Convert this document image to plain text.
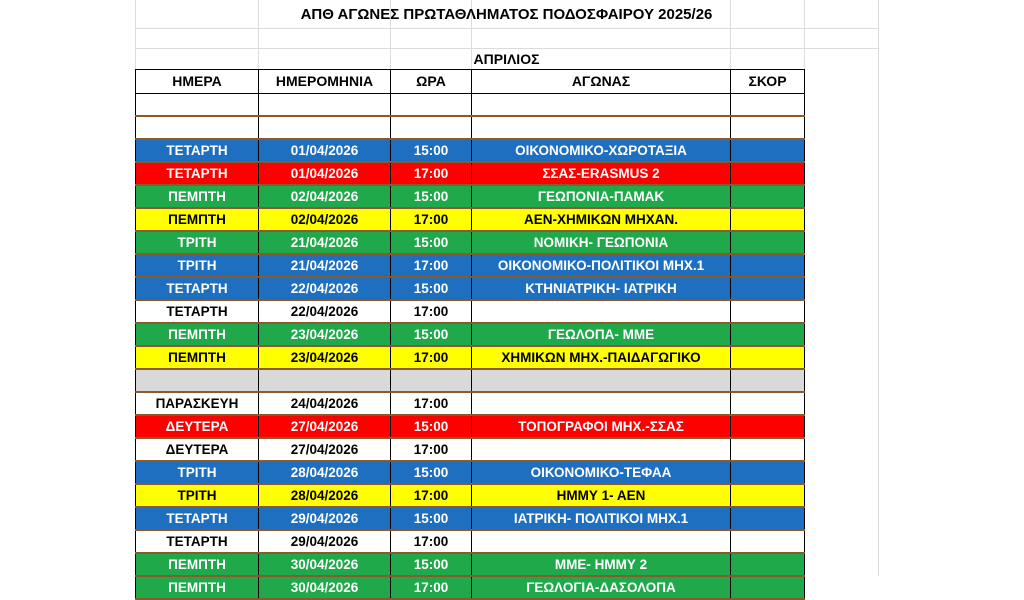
ΑΠΘ ΑΓΩΝΕΣ ΠΡΩΤΑΘΛΗΜΑΤΟΣ ΠΟΔΟΣΦΑΙΡΟΥ 2025/26
ΑΠΡΙΛΙΟΣ
ΗΜΕΡΑ	ΗΜΕΡΟΜΗΝΙΑ	ΩΡΑ	ΑΓΩΝΑΣ	ΣΚΟΡ

ΤΕΤΑΡΤΗ	01/04/2026	15:00	ΟΙΚΟΝΟΜΙΚΟ-ΧΩΡΟΤΑΞΙΑ	
ΤΕΤΑΡΤΗ	01/04/2026	17:00	ΣΣΑΣ-ERASMUS 2	
ΠΕΜΠΤΗ	02/04/2026	15:00	ΓΕΩΠΟΝΙΑ-ΠΑΜΑΚ	
ΠΕΜΠΤΗ	02/04/2026	17:00	ΑΕΝ-ΧΗΜΙΚΩΝ ΜΗΧΑΝ.	
ΤΡΙΤΗ	21/04/2026	15:00	ΝΟΜΙΚΗ- ΓΕΩΠΟΝΙΑ	
ΤΡΙΤΗ	21/04/2026	17:00	ΟΙΚΟΝΟΜΙΚΟ-ΠΟΛΙΤΙΚΟΙ ΜΗΧ.1	
ΤΕΤΑΡΤΗ	22/04/2026	15:00	ΚΤΗΝΙΑΤΡΙΚΗ- ΙΑΤΡΙΚΗ	
ΤΕΤΑΡΤΗ	22/04/2026	17:00		
ΠΕΜΠΤΗ	23/04/2026	15:00	ΓΕΩΛΟΠΑ- ΜΜΕ	
ΠΕΜΠΤΗ	23/04/2026	17:00	ΧΗΜΙΚΩΝ ΜΗΧ.-ΠΑΙΔΑΓΩΓΙΚΟ	

ΠΑΡΑΣΚΕΥΗ	24/04/2026	17:00		
ΔΕΥΤΕΡΑ	27/04/2026	15:00	ΤΟΠΟΓΡΑΦΟΙ ΜΗΧ.-ΣΣΑΣ	
ΔΕΥΤΕΡΑ	27/04/2026	17:00		
ΤΡΙΤΗ	28/04/2026	15:00	ΟΙΚΟΝΟΜΙΚΟ-ΤΕΦΑΑ	
ΤΡΙΤΗ	28/04/2026	17:00	ΗΜΜΥ 1- ΑΕΝ	
ΤΕΤΑΡΤΗ	29/04/2026	15:00	ΙΑΤΡΙΚΗ- ΠΟΛΙΤΙΚΟΙ ΜΗΧ.1	
ΤΕΤΑΡΤΗ	29/04/2026	17:00		
ΠΕΜΠΤΗ	30/04/2026	15:00	ΜΜΕ- ΗΜΜΥ 2	
ΠΕΜΠΤΗ	30/04/2026	17:00	ΓΕΩΛΟΓΙΑ-ΔΑΣΟΛΟΠΑ	
